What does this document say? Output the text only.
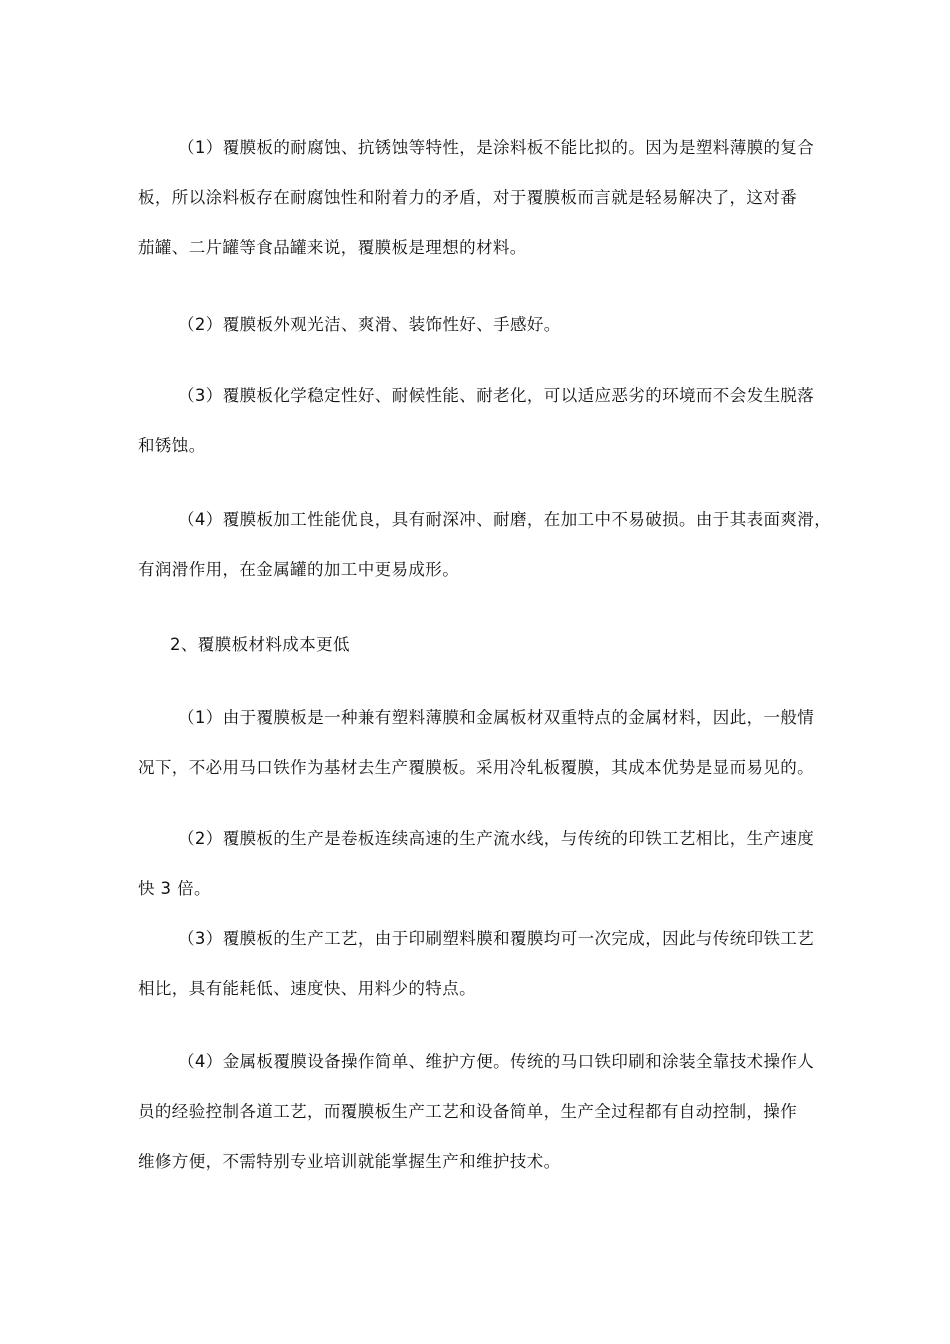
（1）覆膜板的耐腐蚀、抗锈蚀等特性，是涂料板不能比拟的。因为是塑料薄膜的复合
板，所以涂料板存在耐腐蚀性和附着力的矛盾，对于覆膜板而言就是轻易解决了，这对番
茄罐、二片罐等食品罐来说，覆膜板是理想的材料。
（2）覆膜板外观光洁、爽滑、装饰性好、手感好。
（3）覆膜板化学稳定性好、耐候性能、耐老化，可以适应恶劣的环境而不会发生脱落
和锈蚀。
（4）覆膜板加工性能优良，具有耐深冲、耐磨，在加工中不易破损。由于其表面爽滑，
有润滑作用，在金属罐的加工中更易成形。
2、覆膜板材料成本更低
（1）由于覆膜板是一种兼有塑料薄膜和金属板材双重特点的金属材料，因此，一般情
况下，不必用马口铁作为基材去生产覆膜板。采用冷轧板覆膜，其成本优势是显而易见的。
（2）覆膜板的生产是卷板连续高速的生产流水线，与传统的印铁工艺相比，生产速度
快 3 倍。
（3）覆膜板的生产工艺，由于印刷塑料膜和覆膜均可一次完成，因此与传统印铁工艺
相比，具有能耗低、速度快、用料少的特点。
（4）金属板覆膜设备操作简单、维护方便。传统的马口铁印刷和涂装全靠技术操作人
员的经验控制各道工艺，而覆膜板生产工艺和设备简单，生产全过程都有自动控制，操作
维修方便，不需特别专业培训就能掌握生产和维护技术。
